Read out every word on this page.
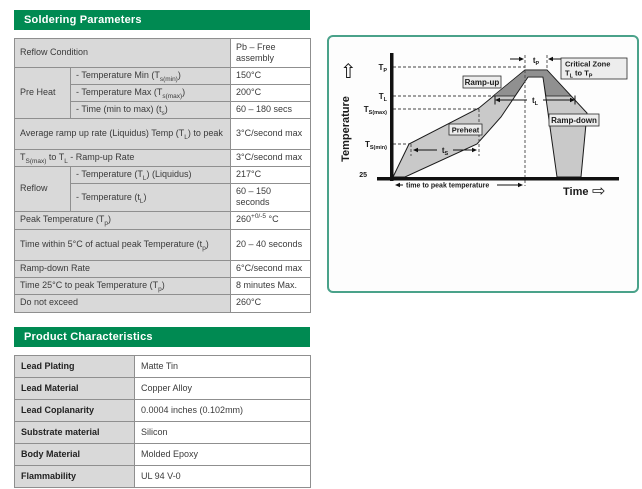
Soldering Parameters
Reflow Condition		Pb – Free assembly
Pre Heat	- Temperature Min $(T_{s(min)})$	150°C
	- Temperature Max $(T_{s(max)})$	200°C
	- Time (min to max) $(t_s)$	60 – 180 secs
Average ramp up rate (Liquidus) Temp $(T_L)$ to peak		3°C/second max
$T_{S(max)}$ to $T_L$ - Ramp-up Rate		3°C/second max
Reflow	- Temperature $(T_L)$ (Liquidus)	217°C
	- Temperature $(t_L)$	60 – 150 seconds
Peak Temperature $(T_p)$		$260^{+0/-5}$ °C
Time within 5°C of actual peak Temperature $(t_p)$		20 – 40 seconds
Ramp-down Rate		6°C/second max
Time 25°C to peak Temperature $(T_p)$		8 minutes Max.
Do not exceed		260°C
⇧
Temperature
$T_P$
$T_L$
$T_{S(max)}$
$T_{S(min)}$
25
$t_P$
$t_L$
$t_S$
time to peak temperature	Time ⇨
Ramp-up
Preheat
Ramp-down
Critical Zone
$T_L$ to $T_P$
Product Characteristics
Lead Plating	Matte Tin
Lead Material	Copper Alloy
Lead Coplanarity	0.0004 inches (0.102mm)
Substrate material	Silicon
Body Material	Molded Epoxy
Flammability	UL 94 V-0
